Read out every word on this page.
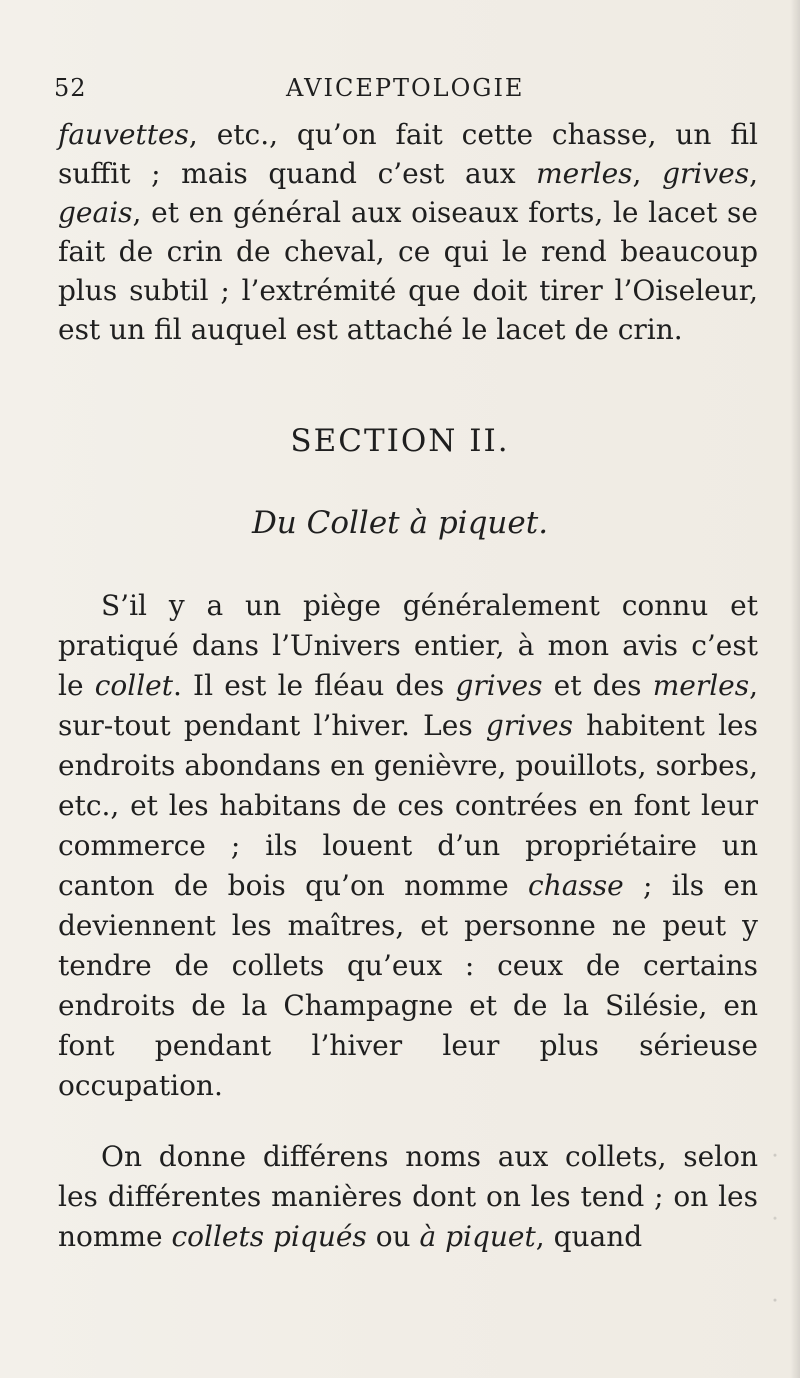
52	AVICEPTOLOGIE

fauvettes, etc., qu’on fait cette chasse, un fil suffit ; mais quand c’est aux merles, grives, geais, et en général aux oiseaux forts, le lacet se fait de crin de cheval, ce qui le rend beaucoup plus subtil ; l’extrémité que doit tirer l’Oiseleur, est un fil auquel est attaché le lacet de crin.

SECTION II.
Du Collet à piquet.

S’il y a un piège généralement connu et pratiqué dans l’Univers entier, à mon avis c’est le collet. Il est le fléau des grives et des merles, sur-tout pendant l’hiver. Les grives habitent les endroits abondans en genièvre, pouillots, sorbes, etc., et les habitans de ces contrées en font leur commerce ; ils louent d’un propriétaire un canton de bois qu’on nomme chasse ; ils en deviennent les maîtres, et personne ne peut y tendre de collets qu’eux : ceux de certains endroits de la Champagne et de la Silésie, en font pendant l’hiver leur plus sérieuse occupation.

On donne différens noms aux collets, selon les différentes manières dont on les tend ; on les nomme collets piqués ou à piquet, quand
